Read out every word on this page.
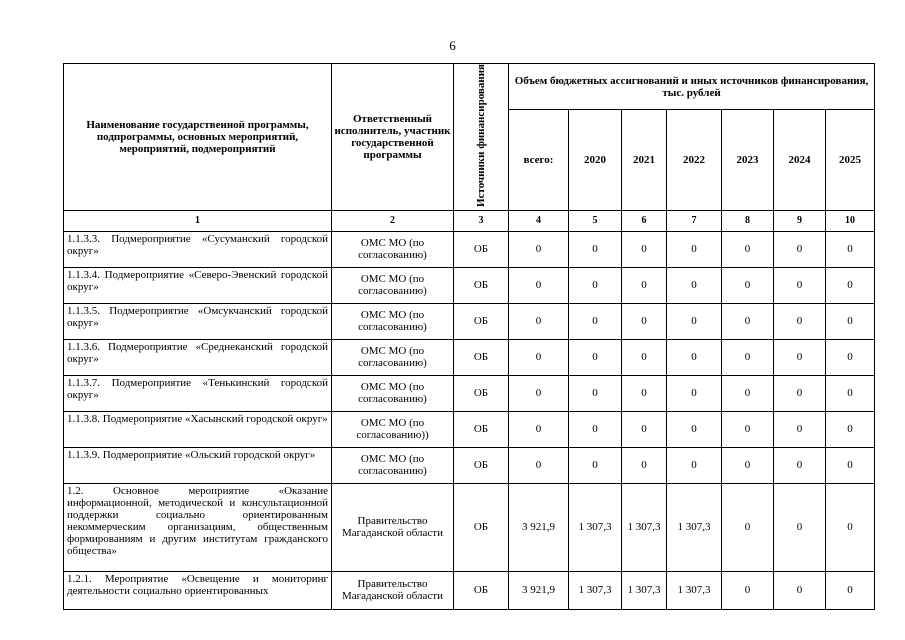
6
Наименование государственной программы, подпрограммы, основных мероприятий, мероприятий, подмероприятий	Ответственный исполнитель, участник государственной программы	Источники финансирования	Объем бюджетных ассигнований и иных источников финансирования, тыс. рублей						
			всего:	2020	2021	2022	2023	2024	2025
1	2	3	4	5	6	7	8	9	10
1.1.3.3. Подмероприятие «Сусуманский городской округ»	ОМС МО (по согласованию)	ОБ	0	0	0	0	0	0	0
1.1.3.4. Подмероприятие «Северо-Эвенский городской округ»	ОМС МО (по согласованию)	ОБ	0	0	0	0	0	0	0
1.1.3.5. Подмероприятие «Омсукчанский городской округ»	ОМС МО (по согласованию)	ОБ	0	0	0	0	0	0	0
1.1.3.6. Подмероприятие «Среднеканский городской округ»	ОМС МО (по согласованию)	ОБ	0	0	0	0	0	0	0
1.1.3.7. Подмероприятие «Тенькинский городской округ»	ОМС МО (по согласованию)	ОБ	0	0	0	0	0	0	0
1.1.3.8. Подмероприятие «Хасынский городской округ»	ОМС МО (по согласованию))	ОБ	0	0	0	0	0	0	0
1.1.3.9. Подмероприятие «Ольский городской округ»	ОМС МО (по согласованию)	ОБ	0	0	0	0	0	0	0
1.2. Основное мероприятие «Оказание информационной, методической и консультационной поддержки социально ориентированным некоммерческим организациям, общественным формированиям и другим институтам гражданского общества»	Правительство Магаданской области	ОБ	3 921,9	1 307,3	1 307,3	1 307,3	0	0	0
1.2.1. Мероприятие «Освещение и мониторинг деятельности социально ориентированных	Правительство Магаданской области	ОБ	3 921,9	1 307,3	1 307,3	1 307,3	0	0	0
